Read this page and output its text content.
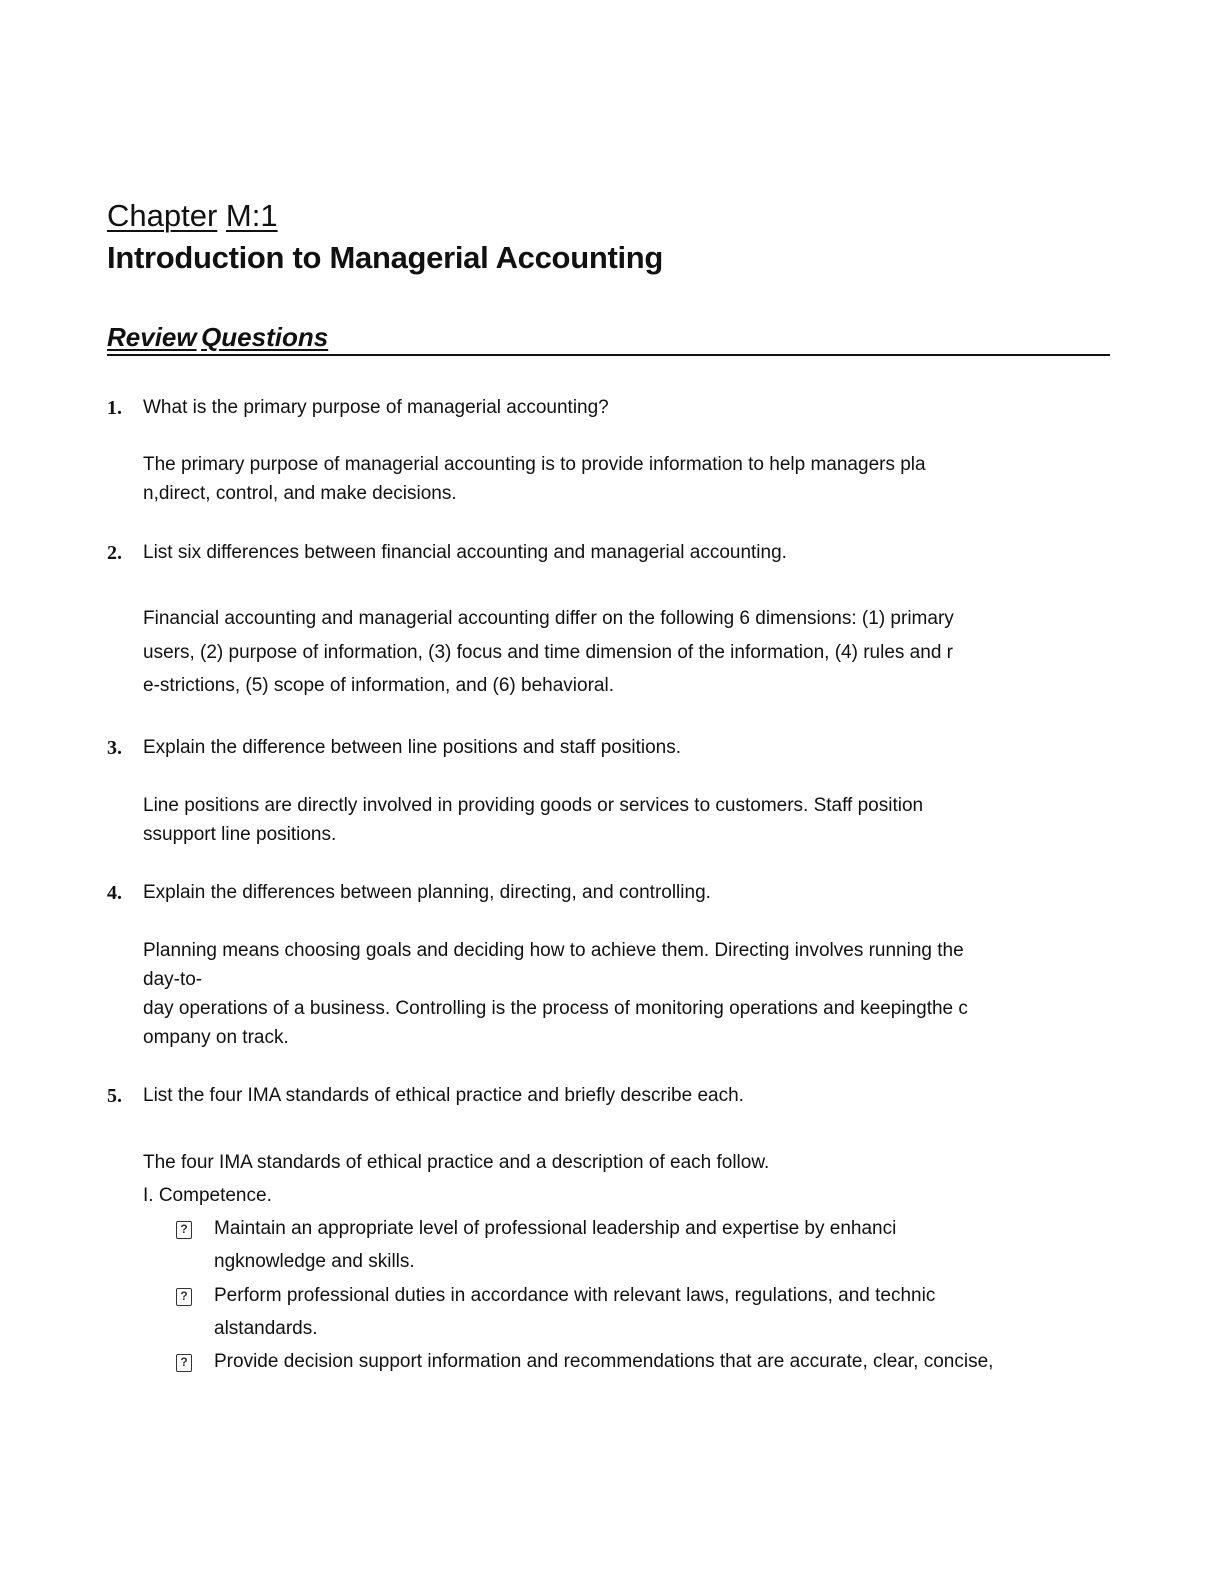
Chapter M:1
Introduction to Managerial Accounting
Review Questions
1. What is the primary purpose of managerial accounting?
The primary purpose of managerial accounting is to provide information to help managers pla
n,direct, control, and make decisions.
2. List six differences between financial accounting and managerial accounting.
Financial accounting and managerial accounting differ on the following 6 dimensions: (1) primary
users, (2) purpose of information, (3) focus and time dimension of the information, (4) rules and r
e-strictions, (5) scope of information, and (6) behavioral.
3. Explain the difference between line positions and staff positions.
Line positions are directly involved in providing goods or services to customers. Staff position
ssupport line positions.
4. Explain the differences between planning, directing, and controlling.
Planning means choosing goals and deciding how to achieve them. Directing involves running the
day-to-
day operations of a business. Controlling is the process of monitoring operations and keepingthe c
ompany on track.
5. List the four IMA standards of ethical practice and briefly describe each.
The four IMA standards of ethical practice and a description of each follow.
I. Competence.
? Maintain an appropriate level of professional leadership and expertise by enhanci
ngknowledge and skills.
? Perform professional duties in accordance with relevant laws, regulations, and technic
alstandards.
? Provide decision support information and recommendations that are accurate, clear, concise,
